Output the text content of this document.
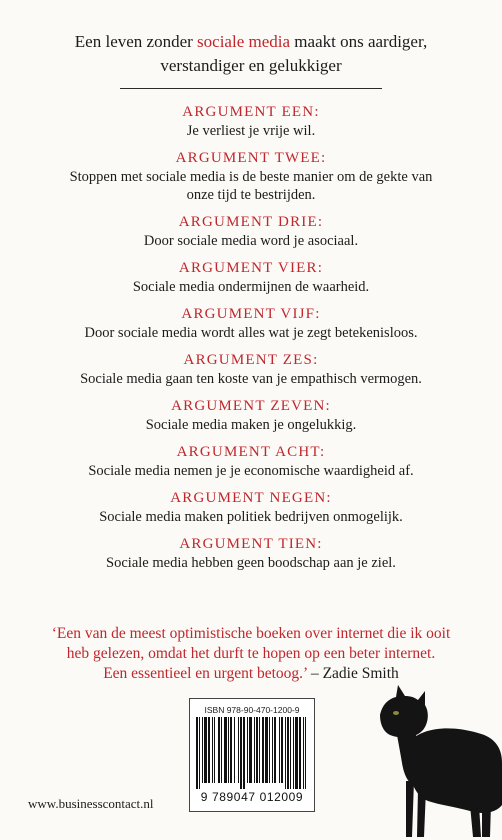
Een leven zonder sociale media maakt ons aardiger,
verstandiger en gelukkiger
ARGUMENT EEN:
Je verliest je vrije wil.
ARGUMENT TWEE:
Stoppen met sociale media is de beste manier om de gekte van
onze tijd te bestrijden.
ARGUMENT DRIE:
Door sociale media word je asociaal.
ARGUMENT VIER:
Sociale media ondermijnen de waarheid.
ARGUMENT VIJF:
Door sociale media wordt alles wat je zegt betekenisloos.
ARGUMENT ZES:
Sociale media gaan ten koste van je empathisch vermogen.
ARGUMENT ZEVEN:
Sociale media maken je ongelukkig.
ARGUMENT ACHT:
Sociale media nemen je je economische waardigheid af.
ARGUMENT NEGEN:
Sociale media maken politiek bedrijven onmogelijk.
ARGUMENT TIEN:
Sociale media hebben geen boodschap aan je ziel.
‘Een van de meest optimistische boeken over internet die ik ooit
heb gelezen, omdat het durft te hopen op een beter internet.
Een essentieel en urgent betoog.’ – Zadie Smith
ISBN 978-90-470-1200-9
9 789047 012009
www.businesscontact.nl
